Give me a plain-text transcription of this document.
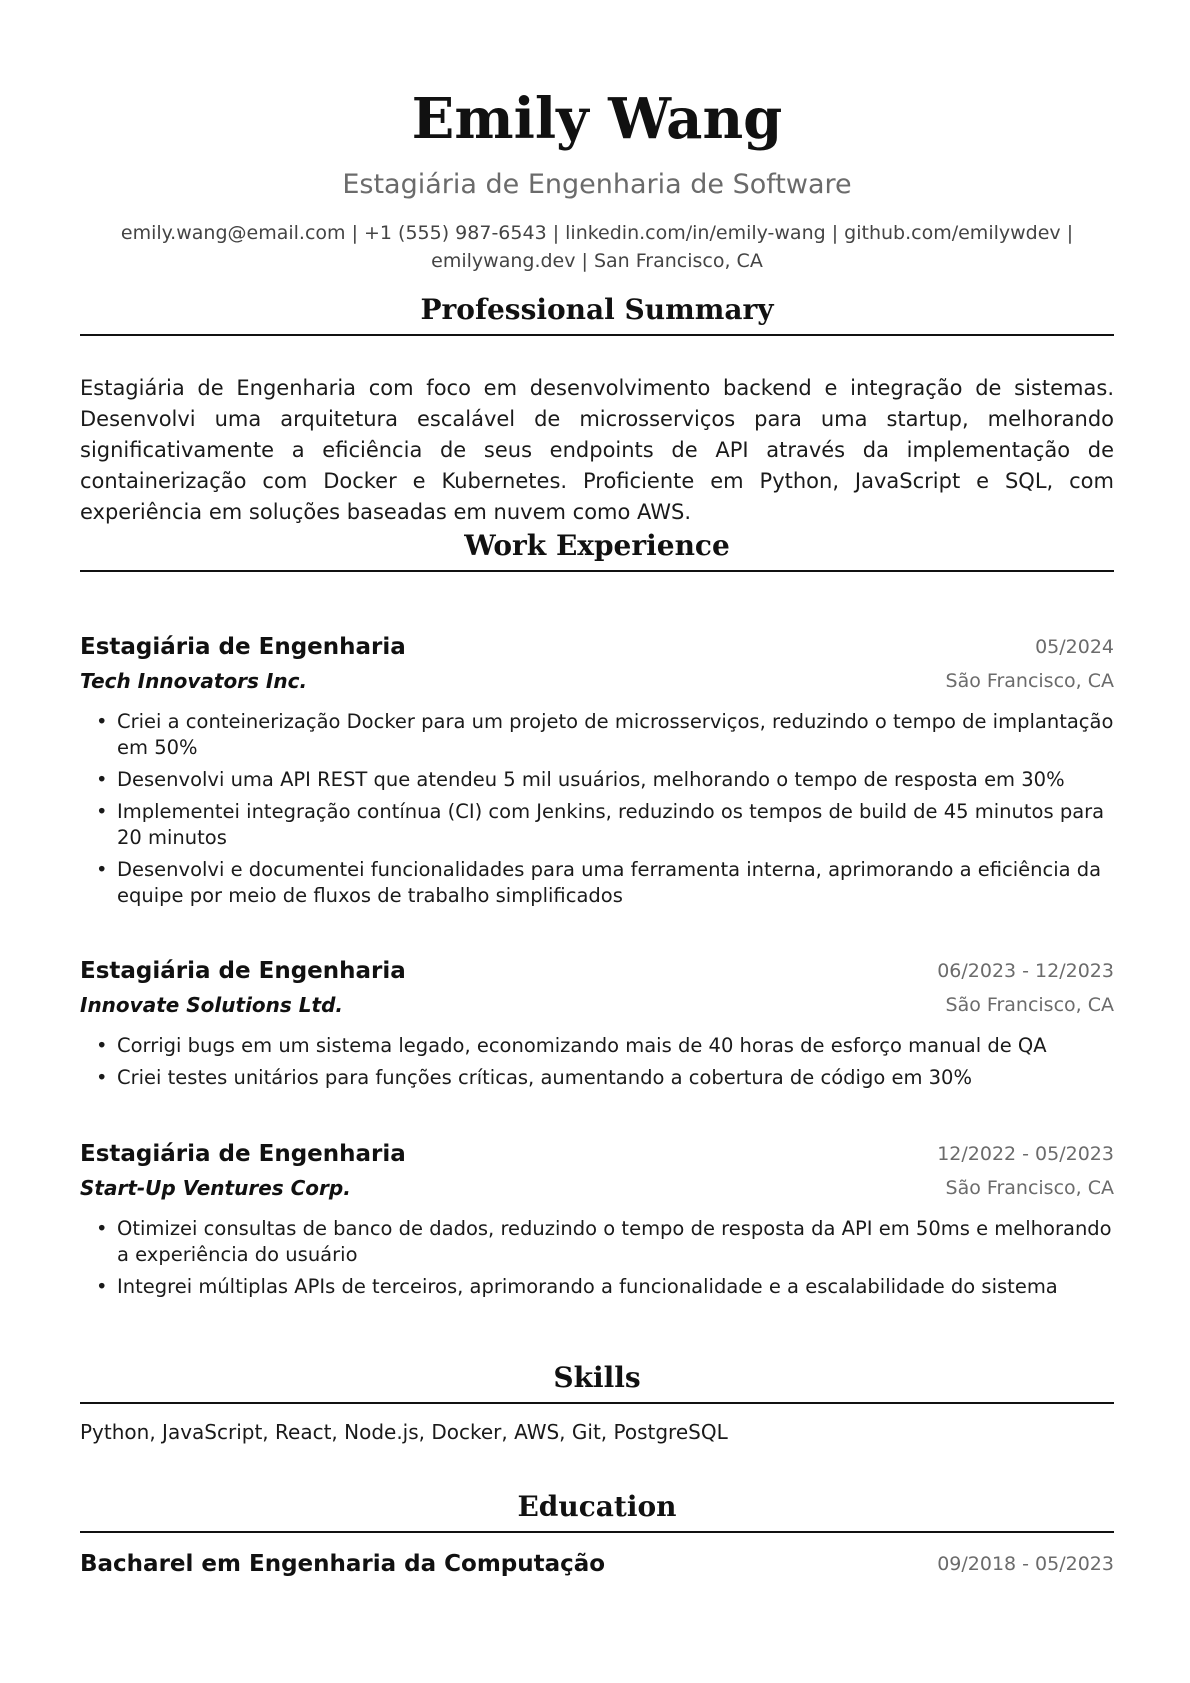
Emily Wang
Estagiária de Engenharia de Software
emily.wang@email.com | +1 (555) 987-6543 | linkedin.com/in/emily-wang | github.com/emilywdev |
emilywang.dev | San Francisco, CA
Professional Summary
Estagiária de Engenharia com foco em desenvolvimento backend e integração de sistemas. Desenvolvi uma arquitetura escalável de microsserviços para uma startup, melhorando significativamente a eficiência de seus endpoints de API através da implementação de containerização com Docker e Kubernetes. Proficiente em Python, JavaScript e SQL, com experiência em soluções baseadas em nuvem como AWS.
Work Experience
Estagiária de Engenharia	05/2024
Tech Innovators Inc.	São Francisco, CA
• Criei a conteinerização Docker para um projeto de microsserviços, reduzindo o tempo de implantação em 50%
• Desenvolvi uma API REST que atendeu 5 mil usuários, melhorando o tempo de resposta em 30%
• Implementei integração contínua (CI) com Jenkins, reduzindo os tempos de build de 45 minutos para 20 minutos
• Desenvolvi e documentei funcionalidades para uma ferramenta interna, aprimorando a eficiência da equipe por meio de fluxos de trabalho simplificados
Estagiária de Engenharia	06/2023 - 12/2023
Innovate Solutions Ltd.	São Francisco, CA
• Corrigi bugs em um sistema legado, economizando mais de 40 horas de esforço manual de QA
• Criei testes unitários para funções críticas, aumentando a cobertura de código em 30%
Estagiária de Engenharia	12/2022 - 05/2023
Start-Up Ventures Corp.	São Francisco, CA
• Otimizei consultas de banco de dados, reduzindo o tempo de resposta da API em 50ms e melhorando a experiência do usuário
• Integrei múltiplas APIs de terceiros, aprimorando a funcionalidade e a escalabilidade do sistema
Skills
Python, JavaScript, React, Node.js, Docker, AWS, Git, PostgreSQL
Education
Bacharel em Engenharia da Computação	09/2018 - 05/2023
